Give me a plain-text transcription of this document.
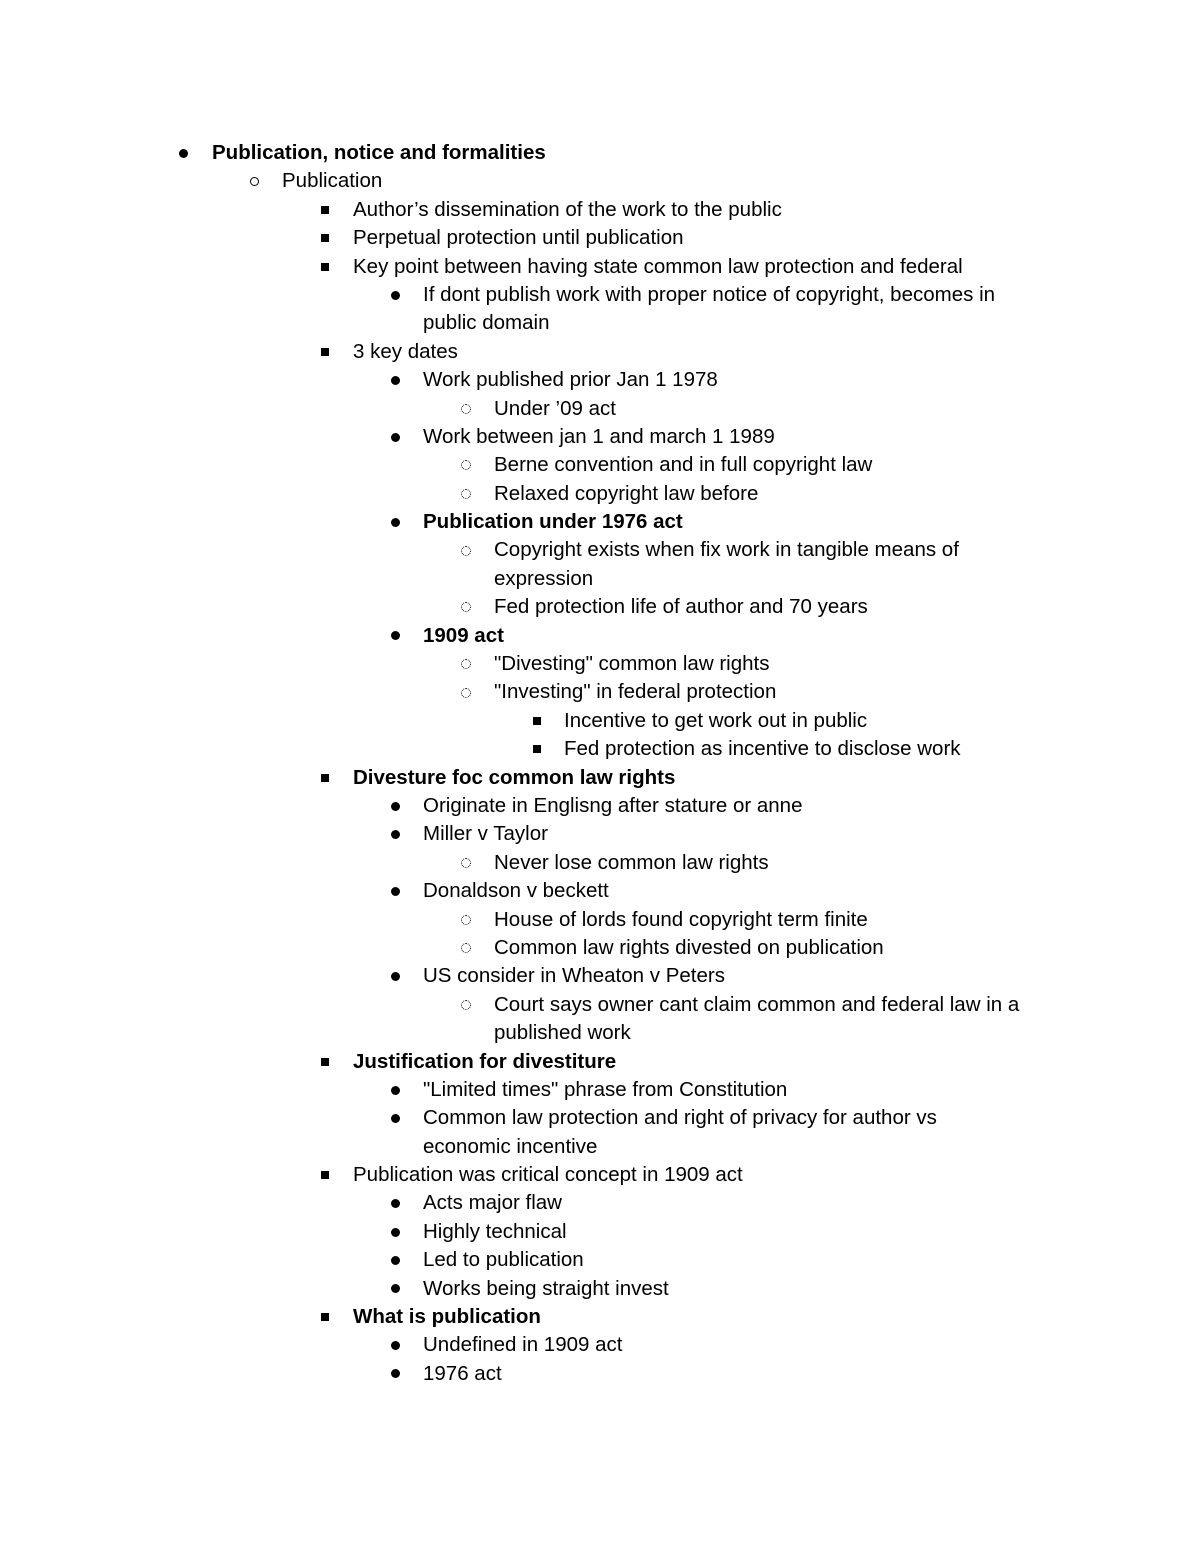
Publication, notice and formalities
Publication
Author’s dissemination of the work to the public
Perpetual protection until publication
Key point between having state common law protection and federal
If dont publish work with proper notice of copyright, becomes in
public domain
3 key dates
Work published prior Jan 1 1978
Under ’09 act
Work between jan 1 and march 1 1989
Berne convention and in full copyright law
Relaxed copyright law before
Publication under 1976 act
Copyright exists when fix work in tangible means of
expression
Fed protection life of author and 70 years
1909 act
"Divesting" common law rights
"Investing" in federal protection
Incentive to get work out in public
Fed protection as incentive to disclose work
Divesture foc common law rights
Originate in Englisng after stature or anne
Miller v Taylor
Never lose common law rights
Donaldson v beckett
House of lords found copyright term finite
Common law rights divested on publication
US consider in Wheaton v Peters
Court says owner cant claim common and federal law in a
published work
Justification for divestiture
"Limited times" phrase from Constitution
Common law protection and right of privacy for author vs
economic incentive
Publication was critical concept in 1909 act
Acts major flaw
Highly technical
Led to publication
Works being straight invest
What is publication
Undefined in 1909 act
1976 act
